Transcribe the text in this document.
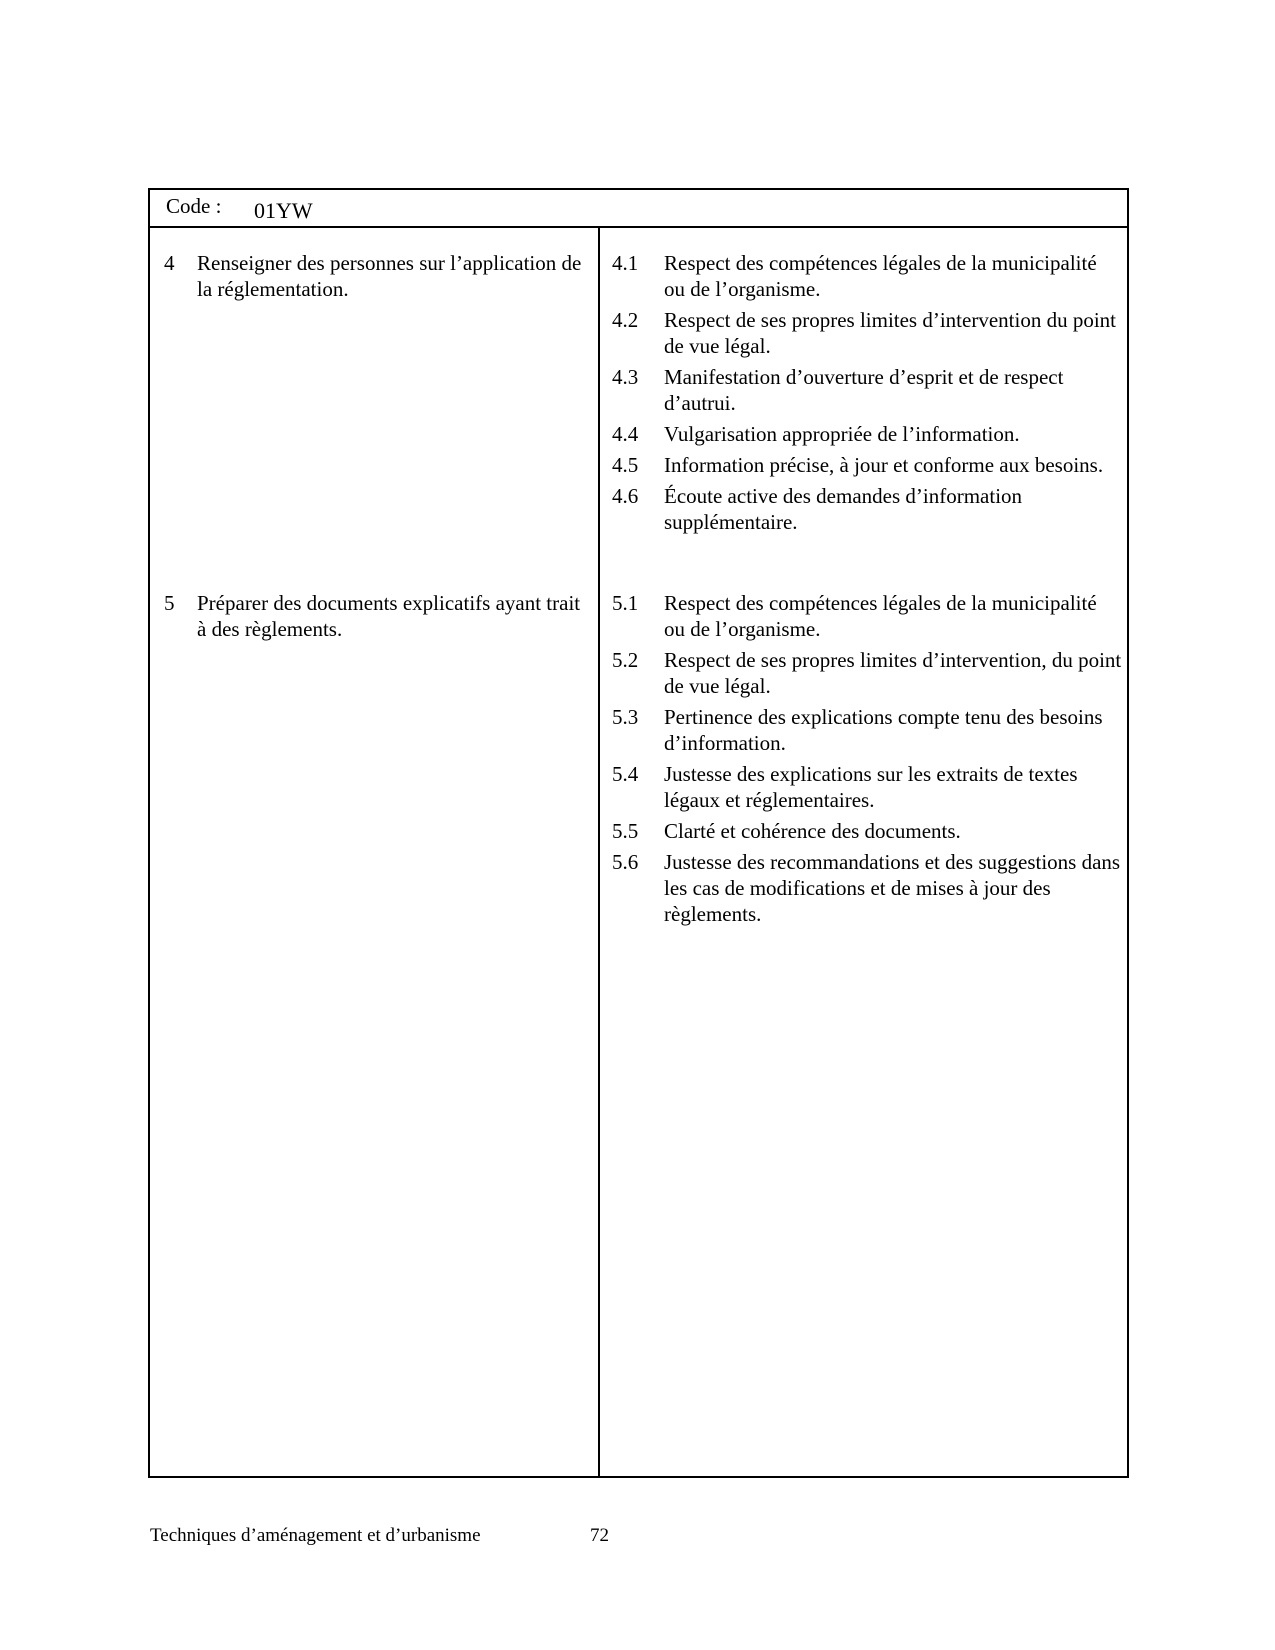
Code : 01YW
4 Renseigner des personnes sur l’application de la réglementation.
4.1 Respect des compétences légales de la municipalité ou de l’organisme.
4.2 Respect de ses propres limites d’intervention du point de vue légal.
4.3 Manifestation d’ouverture d’esprit et de respect d’autrui.
4.4 Vulgarisation appropriée de l’information.
4.5 Information précise, à jour et conforme aux besoins.
4.6 Écoute active des demandes d’information supplémentaire.
5 Préparer des documents explicatifs ayant trait à des règlements.
5.1 Respect des compétences légales de la municipalité ou de l’organisme.
5.2 Respect de ses propres limites d’intervention, du point de vue légal.
5.3 Pertinence des explications compte tenu des besoins d’information.
5.4 Justesse des explications sur les extraits de textes légaux et réglementaires.
5.5 Clarté et cohérence des documents.
5.6 Justesse des recommandations et des suggestions dans les cas de modifications et de mises à jour des règlements.
Techniques d’aménagement et d’urbanisme	72
